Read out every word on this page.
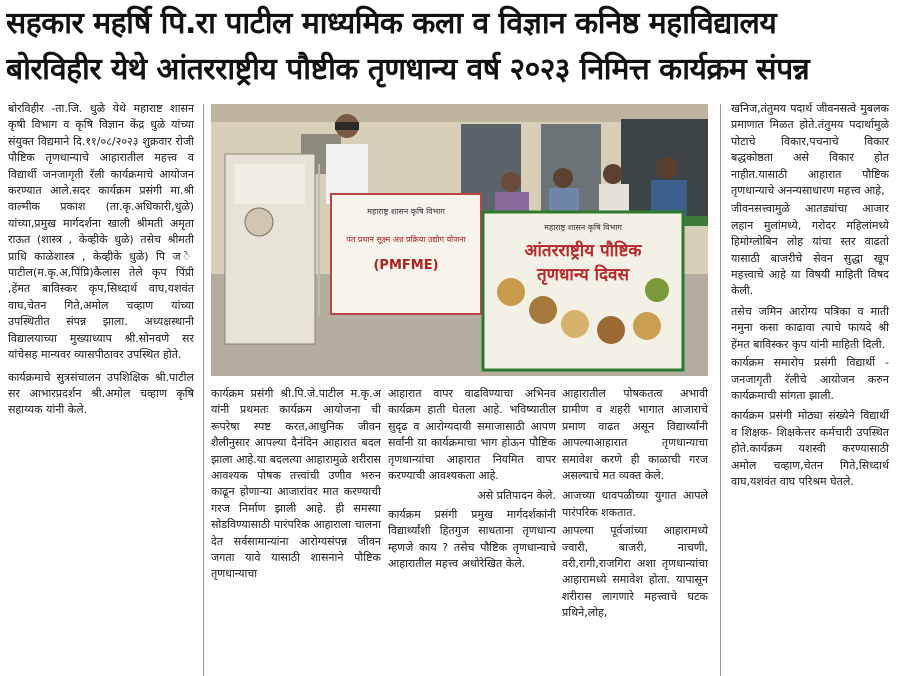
सहकार महर्षि पि.रा पाटील माध्यमिक कला व विज्ञान कनिष्ठ महाविद्यालय
बोरविहीर येथे आंतरराष्ट्रीय पौष्टीक तृणधान्य वर्ष २०२३ निमित्त कार्यक्रम संपन्न

बोरविहीर -ता.जि. धुळे येथे महाराष्ट शासन कृषी विभाग व कृषि विज्ञान केंद्र धुळे यांच्या संयुक्त विद्यमाने दि.११/०८/२०२३ शुक्रवार रोजी पौष्टिक तृणधान्याचे आहारातील महत्त्व व विद्यार्थी जनजागृती रॅली कार्यक्रमाचे आयोजन करण्यात आले.सदर कार्यक्रम प्रसंगी मा.श्री वाल्मीक प्रकाश (ता.कृ.अधिकारी,धुळे) यांच्या,प्रमुख मार्गदर्शना खाली श्रीमती अमृता राऊत (शास्त्र , केव्हीके धुळे) तसेच श्रीमती प्राधि काळेशास्त्र , केव्हीके धुळे) पि ज े पाटील(म.कृ.अ,पिंप्रि)कैलास तेले कृप पिंप्री ,हेंमत बाविस्कर कृप,सिध्दार्थ वाघ,यशवंत वाघ,चेतन गिते,अमोल चव्हाण यांच्या उपस्थितीत संपन्न झाला. अध्यक्षस्थानी विद्यालयाच्या मुख्याध्याप श्री.सोनवणे सर यांचेसह मान्यवर व्यासपीठावर उपस्थित होते.

कार्यक्रमाचे सुत्रसंचालन उपशिक्षिक श्री.पाटील सर आभारप्रदर्शन श्री.अमोल चव्हाण कृषि सहाय्यक यांनी केले.

महाराष्ट्र शासन कृषि विभाग
पंत प्रधान सूक्ष्म अन्न प्रक्रिया उद्योग योजना
(PMFME)
महाराष्ट्र शासन कृषि विभाग
आंतरराष्ट्रीय पौष्टिक
तृणधान्य दिवस

कार्यक्रम प्रसंगी श्री.पि.जे.पाटील म.कृ.अ यांनी प्रथमतः कार्यक्रम आयोजना ची रूपरेषा स्पष्ट करत,आधुनिक जीवन शैलीनुसार आपल्या दैनंदिन आहारात बदल झाला आहे.या बदलत्या आहारामुळे शरीरास आवश्यक पोषक तत्त्वांची उणीव भरुन काढून होणाऱ्या आजारांवर मात करण्याची गरज निर्माण झाली आहे. ही समस्या सोडविण्यासाठी पारंपरिक आहाराला चालना देत सर्वसामान्यांना आरोग्यसंपन्न जीवन जगता यावे यासाठी शासनाने पौष्टिक तृणधान्याचा

आहारात वापर वाढविण्याचा अभिनव कार्यक्रम हाती घेतला आहे. भविष्यातील सुदृढ व आरोग्यदायी समाजासाठी आपण सर्वांनी या कार्यक्रमाचा भाग होऊन पौष्टिक तृणधान्यांचा आहारात नियमित वापर करण्याची आवश्यकता आहे.

असे प्रतिपादन केले.

कार्यक्रम प्रसंगी प्रमुख मार्गदर्शकांनी विद्यार्थ्यांशी हितगुज साधताना तृणधान्य म्हणजे काय ? तसेच पौष्टिक तृणधान्याचे आहारातील महत्त्व अधोरेखित केले.

आहारातील पोषकतत्व अभावी ग्रामीण व शहरी भागात आजाराचे प्रमाण वाढत असून विद्यार्थ्यांनी आपल्याआहारात तृणधान्याचा समावेश करणे ही काळाची गरज असल्याचे मत व्यक्त केले.

आजच्या धावपळीच्या युगात आपले पारंपरिक शकतात.

आपल्या पूर्वजांच्या आहारामध्ये ज्वारी, बाजरी, नाचणी, वरी,रागी,राजगिरा अशा तृणधान्यांचा आहारामध्ये समावेश होता. यापासून शरीरास लागणारे महत्त्वाचे घटक प्रथिने,लोह,

खनिज,तंतुमय पदार्थ जीवनसत्वे मुबलक प्रमाणात मिळत होते.तंतुमय पदार्थामुळे पोटाचे विकार,पचनाचे विकार बद्धकोष्ठता असे विकार होत नाहीत.यासाठी आहारात पौष्टिक तृणधान्याचे अनन्यसाधारण महत्त्व आहे,

जीवनसत्त्वामुळे आतड्यांचा आजार लहान मुलांमध्ये, गरोदर महिलांमध्ये हिमोग्लोबिन लोह यांचा स्तर वाढतो यासाठी बाजरीचे सेवन सुद्धा खूप महत्त्वाचे आहे या विषयी माहिती विषद केली.

तसेच जमिन आरोग्य पत्रिका व माती नमुना कसा काढावा त्याचे फायदे श्री हेंमत बाविस्कर कृप यांनी माहिती दिली.

कार्यक्रम समारोप प्रसंगी विद्यार्थी - जनजागृती रॅलीचे आयोजन करुन कार्यक्रमाची सांगता झाली.

कार्यक्रम प्रसंगी मोठ्या संख्येने विद्यार्थी व शिक्षक- शिक्षकेत्तर कर्मचारी उपस्थित होते.कार्यक्रम यशस्वी करण्यासाठी अमोल चव्हाण,चेतन गिते,सिध्दार्थ वाघ,यशवंत वाघ परिश्रम घेतले.
